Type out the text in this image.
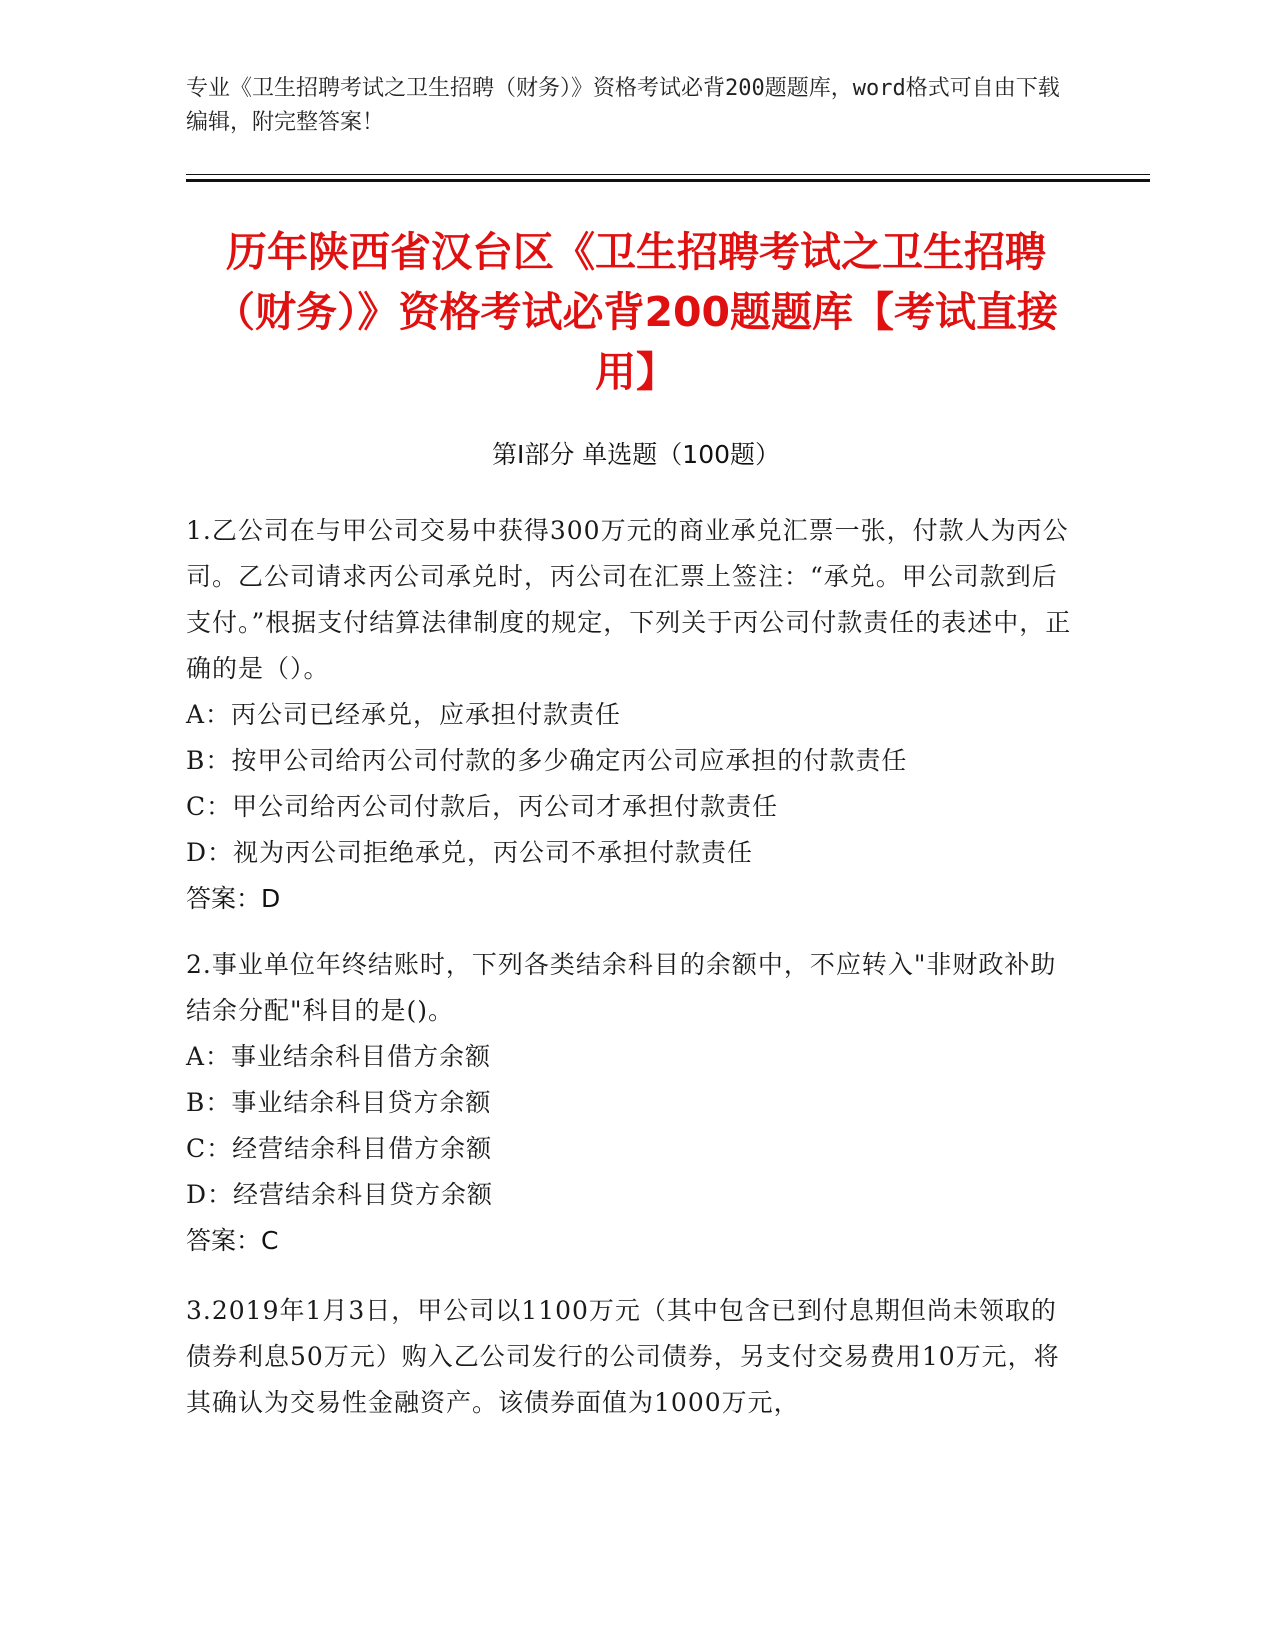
专业《卫生招聘考试之卫生招聘（财务）》资格考试必背200题题库，word格式可自由下载编辑，附完整答案！
历年陕西省汉台区《卫生招聘考试之卫生招聘（财务）》资格考试必背200题题库【考试直接用】
第I部分 单选题（100题）
1.乙公司在与甲公司交易中获得300万元的商业承兑汇票一张，付款人为丙公司。乙公司请求丙公司承兑时，丙公司在汇票上签注：“承兑。甲公司款到后支付。”根据支付结算法律制度的规定，下列关于丙公司付款责任的表述中，正确的是（）。
A：丙公司已经承兑，应承担付款责任
B：按甲公司给丙公司付款的多少确定丙公司应承担的付款责任
C：甲公司给丙公司付款后，丙公司才承担付款责任
D：视为丙公司拒绝承兑，丙公司不承担付款责任
答案：D
2.事业单位年终结账时，下列各类结余科目的余额中，不应转入"非财政补助结余分配"科目的是()。
A：事业结余科目借方余额
B：事业结余科目贷方余额
C：经营结余科目借方余额
D：经营结余科目贷方余额
答案：C
3.2019年1月3日，甲公司以1100万元（其中包含已到付息期但尚未领取的债券利息50万元）购入乙公司发行的公司债券，另支付交易费用10万元，将其确认为交易性金融资产。该债券面值为1000万元，
